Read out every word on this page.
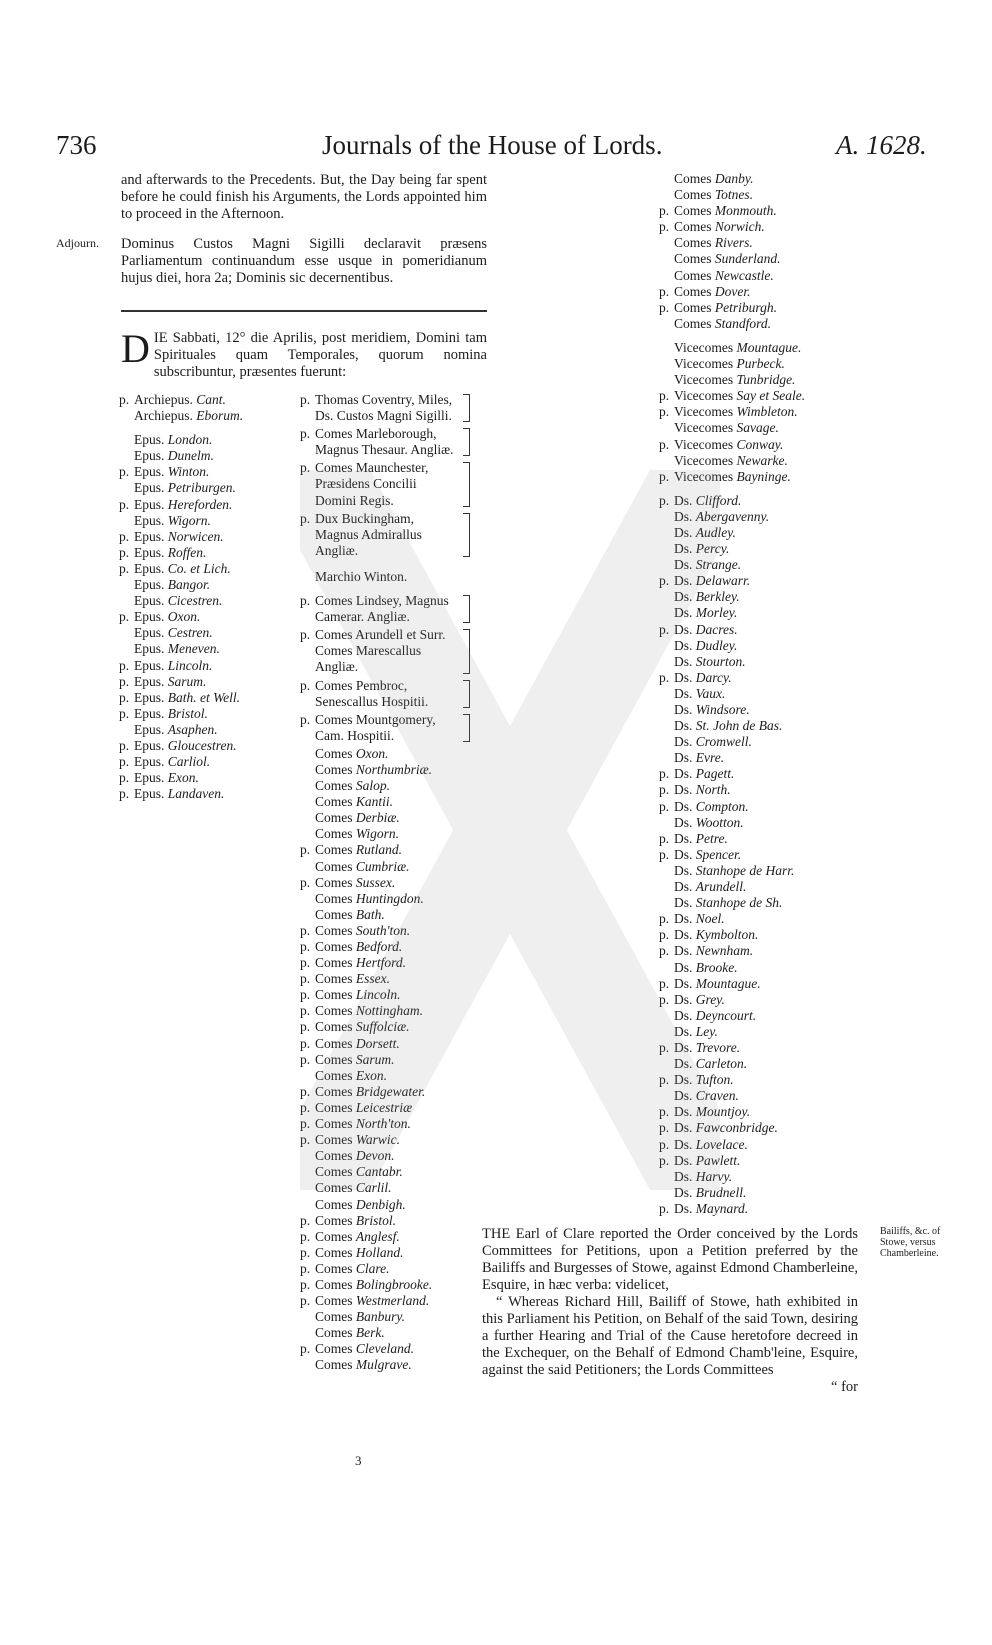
736	Journals of the House of Lords.	A. 1628.
and afterwards to the Precedents. But, the Day being far spent before he could finish his Arguments, the Lords appointed him to proceed in the Afternoon.
Adjourn. Dominus Custos Magni Sigilli declaravit præsens Parliamentum continuandum esse usque in pomeridianum hujus diei, hora 2a; Dominis sic decernentibus.
DIE Sabbati, 12° die Aprilis, post meridiem, Domini tam Spirituales quam Temporales, quorum nomina subscribuntur, præsentes fuerunt:
p. Archiepus. Cant.
Archiepus. Eborum.
Epus. London.
Epus. Dunelm.
p. Epus. Winton.
Epus. Petriburgen.
p. Epus. Hereforden.
Epus. Wigorn.
p. Epus. Norwicen.
p. Epus. Roffen.
p. Epus. Co. et Lich.
Epus. Bangor.
Epus. Cicestren.
p. Epus. Oxon.
Epus. Cestren.
Epus. Meneven.
p. Epus. Lincoln.
p. Epus. Sarum.
p. Epus. Bath. et Well.
p. Epus. Bristol.
Epus. Asaphen.
p. Epus. Gloucestren.
p. Epus. Carliol.
p. Epus. Exon.
p. Epus. Landaven.
p. Thomas Coventry, Miles, Ds. Custos Magni Sigilli.
p. Comes Marleborough, Magnus Thesaur. Angliæ.
p. Comes Maunchester, Præsidens Concilii Domini Regis.
p. Dux Buckingham, Magnus Admirallus Angliæ.
Marchio Winton.
p. Comes Lindsey, Magnus Camerar. Angliæ.
p. Comes Arundell et Surr. Comes Marescallus Angliæ.
p. Comes Pembroc, Senescallus Hospitii.
p. Comes Mountgomery, Cam. Hospitii.
Comes Oxon.
Comes Northumbriæ.
Comes Salop.
Comes Kantii.
Comes Derbiæ.
Comes Wigorn.
p. Comes Rutland.
Comes Cumbriæ.
p. Comes Sussex.
Comes Huntingdon.
Comes Bath.
p. Comes South'ton.
p. Comes Bedford.
p. Comes Hertford.
p. Comes Essex.
p. Comes Lincoln.
p. Comes Nottingham.
p. Comes Suffolciæ.
p. Comes Dorsett.
p. Comes Sarum.
Comes Exon.
p. Comes Bridgewater.
p. Comes Leicestriæ
p. Comes North'ton.
p. Comes Warwic.
Comes Devon.
Comes Cantabr.
Comes Carlil.
Comes Denbigh.
p. Comes Bristol.
p. Comes Anglesf.
p. Comes Holland.
p. Comes Clare.
p. Comes Bolingbrooke.
p. Comes Westmerland.
Comes Banbury.
Comes Berk.
p. Comes Cleveland.
Comes Mulgrave.
Comes Danby.
Comes Totnes.
p. Comes Monmouth.
p. Comes Norwich.
Comes Rivers.
Comes Sunderland.
Comes Newcastle.
p. Comes Dover.
p. Comes Petriburgh.
Comes Standford.
Vicecomes Mountague.
Vicecomes Purbeck.
Vicecomes Tunbridge.
p. Vicecomes Say et Seale.
p. Vicecomes Wimbleton.
Vicecomes Savage.
p. Vicecomes Conway.
Vicecomes Newarke.
p. Vicecomes Bayninge.
p. Ds. Clifford.
Ds. Abergavenny.
Ds. Audley.
Ds. Percy.
Ds. Strange.
p. Ds. Delawarr.
Ds. Berkley.
Ds. Morley.
p. Ds. Dacres.
Ds. Dudley.
Ds. Stourton.
p. Ds. Darcy.
Ds. Vaux.
Ds. Windsore.
Ds. St. John de Bas.
Ds. Cromwell.
Ds. Evre.
p. Ds. Pagett.
p. Ds. North.
p. Ds. Compton.
Ds. Wootton.
p. Ds. Petre.
p. Ds. Spencer.
Ds. Stanhope de Harr.
Ds. Arundell.
Ds. Stanhope de Sh.
p. Ds. Noel.
p. Ds. Kymbolton.
p. Ds. Newnham.
Ds. Brooke.
p. Ds. Mountague.
p. Ds. Grey.
Ds. Deyncourt.
Ds. Ley.
p. Ds. Trevore.
Ds. Carleton.
p. Ds. Tufton.
Ds. Craven.
p. Ds. Mountjoy.
p. Ds. Fawconbridge.
p. Ds. Lovelace.
p. Ds. Pawlett.
Ds. Harvy.
Ds. Brudnell.
p. Ds. Maynard.
Bailiffs, &c. of Stowe, versus Chamberleine.
THE Earl of Clare reported the Order conceived by the Lords Committees for Petitions, upon a Petition preferred by the Bailiffs and Burgesses of Stowe, against Edmond Chamberleine, Esquire, in hæc verba: videlicet,
“ Whereas Richard Hill, Bailiff of Stowe, hath exhibited in this Parliament his Petition, on Behalf of the said Town, desiring a further Hearing and Trial of the Cause heretofore decreed in the Exchequer, on the Behalf of Edmond Chamb'leine, Esquire, against the said Petitioners; the Lords Committees
“ for
3
